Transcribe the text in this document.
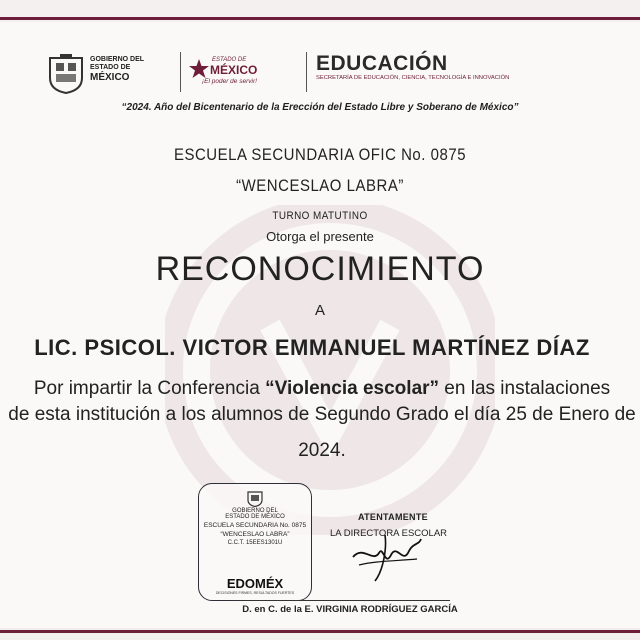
GOBIERNO DEL
ESTADO DE
MÉXICO
ESTADO DE
MÉXICO
¡El poder de servir!
EDUCACIÓN
SECRETARÍA DE EDUCACIÓN, CIENCIA, TECNOLOGÍA E INNOVACIÓN
“2024. Año del Bicentenario de la Erección del Estado Libre y Soberano de México”
ESCUELA SECUNDARIA OFIC No. 0875
“WENCESLAO LABRA”
TURNO MATUTINO
Otorga el presente
RECONOCIMIENTO
A
LIC. PSICOL. VICTOR EMMANUEL MARTÍNEZ DÍAZ
Por impartir la Conferencia “Violencia escolar” en las instalaciones
de esta institución a los alumnos de Segundo Grado el día 25 de Enero de
2024.
GOBIERNO DEL
ESTADO DE MÉXICO
ESCUELA SECUNDARIA No. 0875
“WENCESLAO LABRA”
C.C.T. 15EES1301U
EDOMÉX
DECISIONES FIRMES, RESULTADOS FUERTES
ATENTAMENTE
LA DIRECTORA ESCOLAR
D. en C. de la E. VIRGINIA RODRÍGUEZ GARCÍA
